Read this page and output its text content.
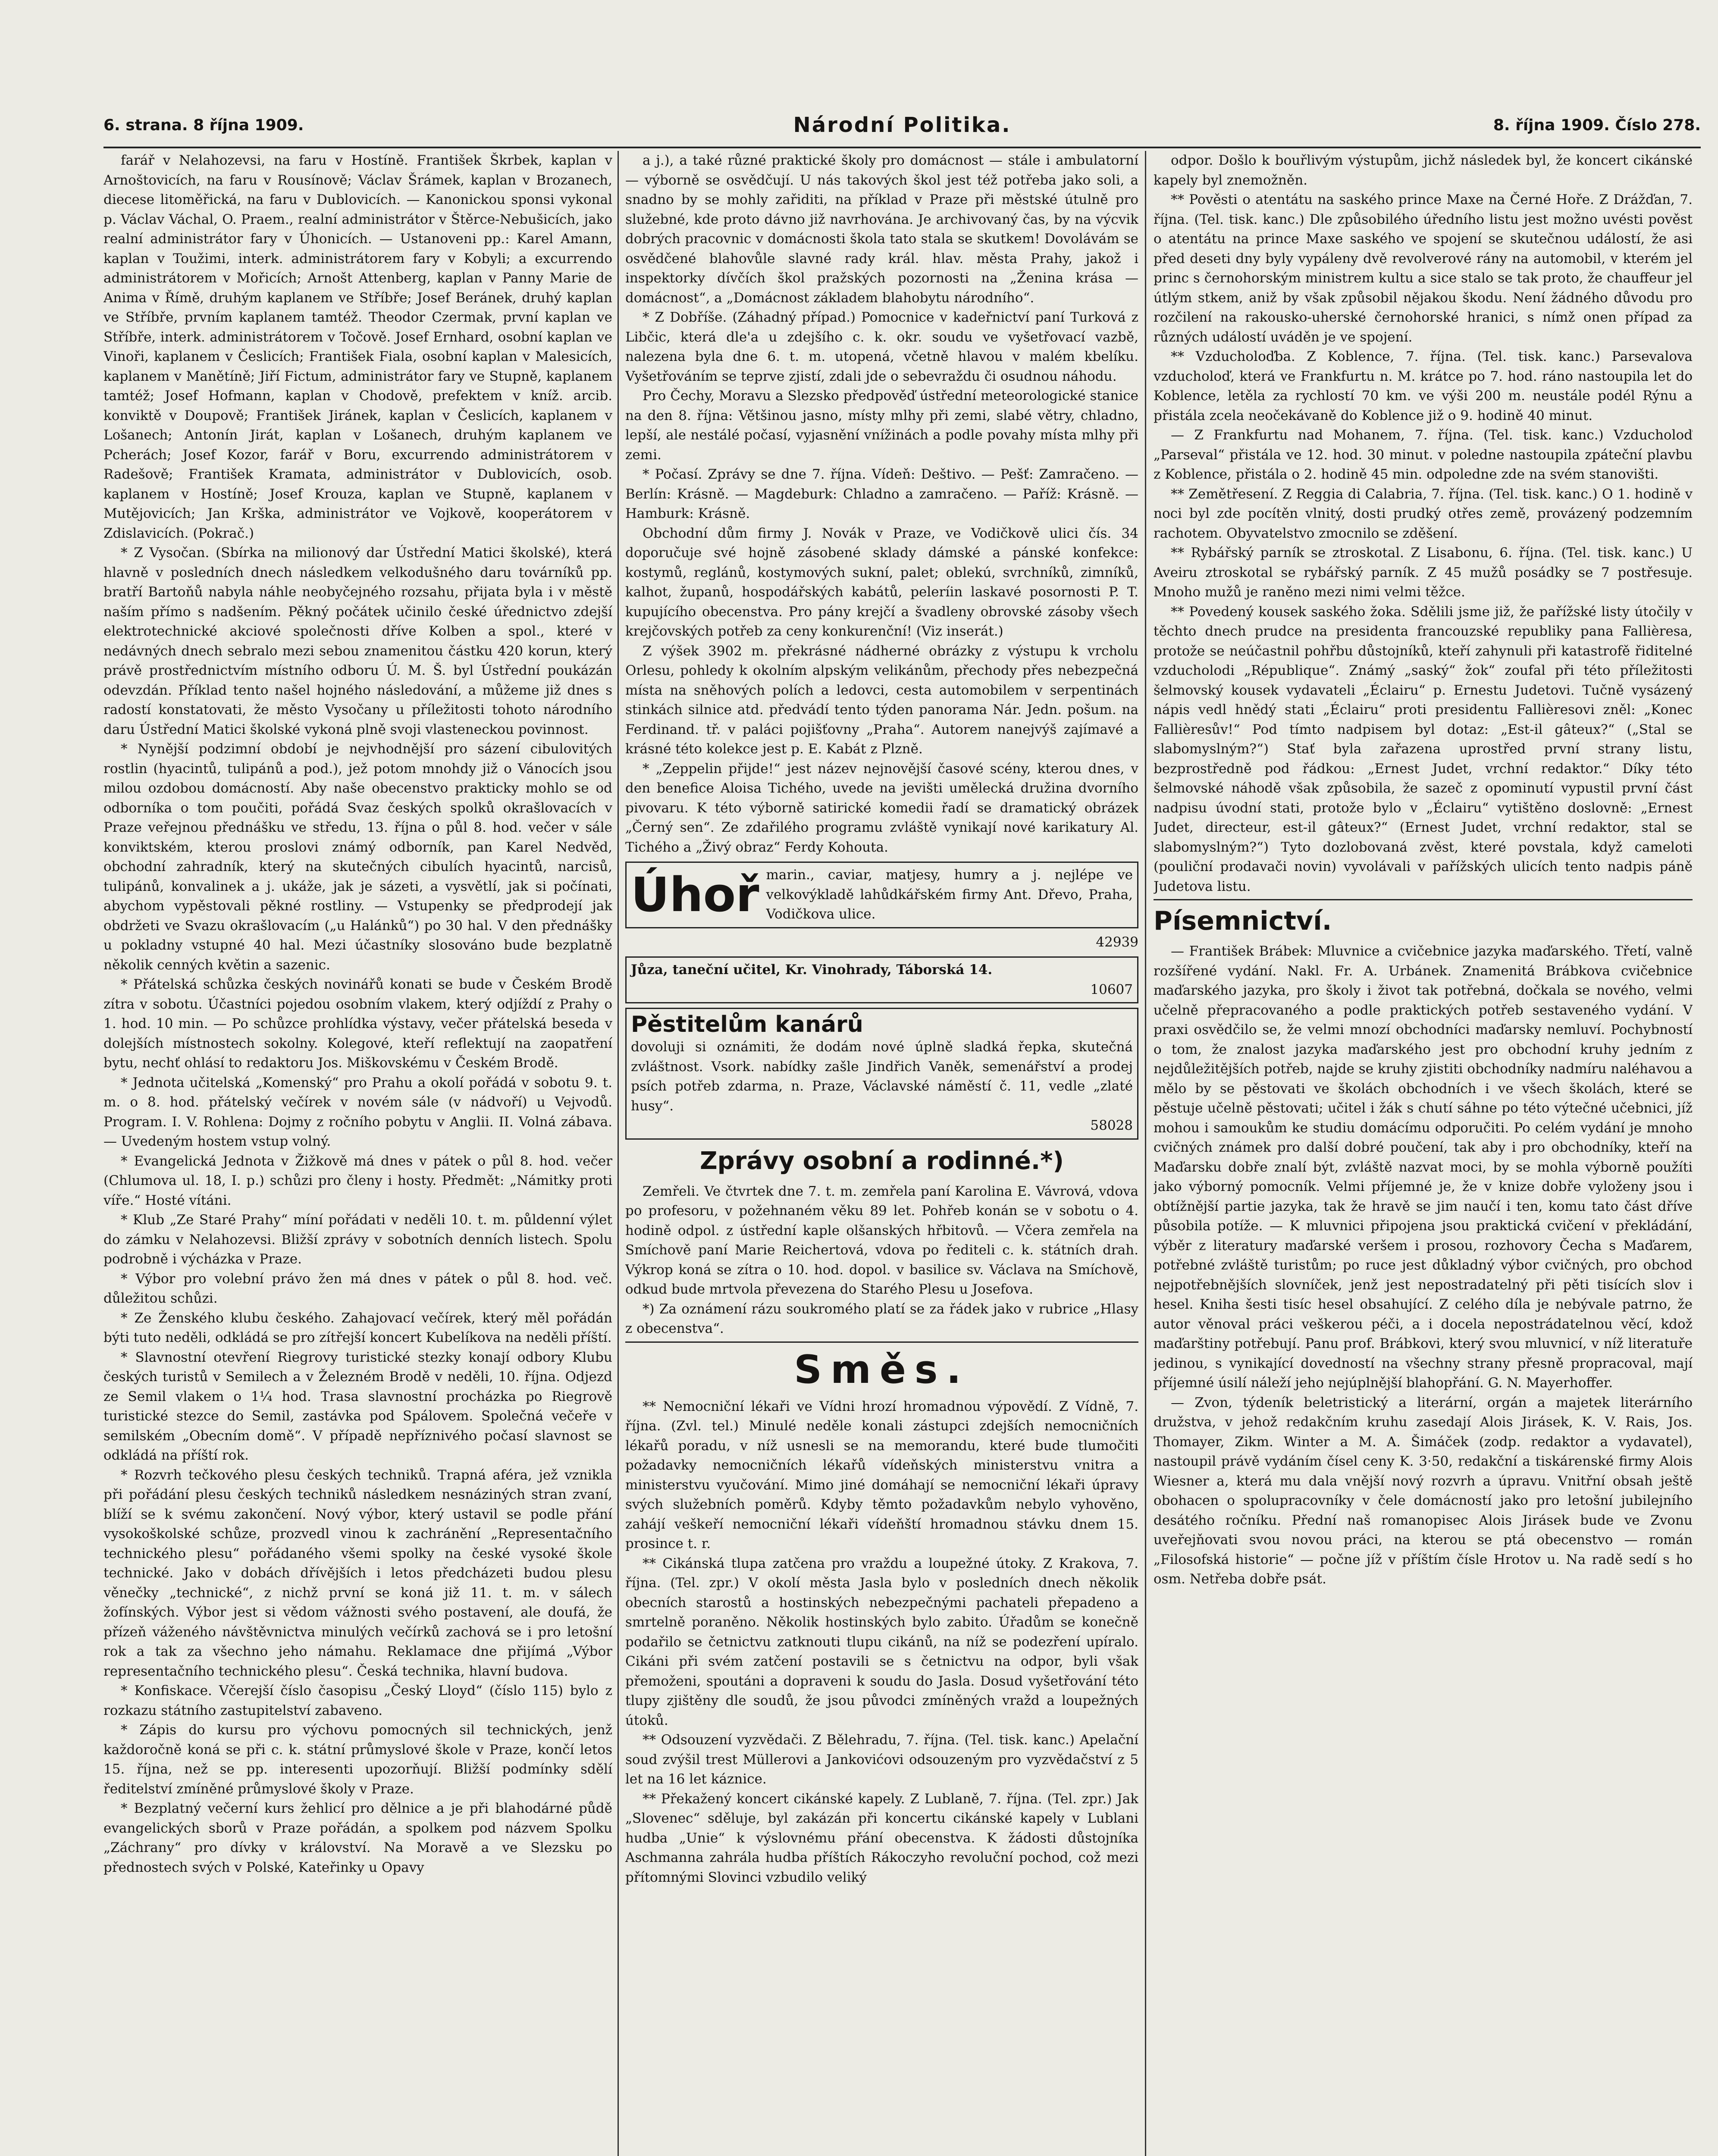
6. strana. 8 října 1909.	Národní Politika.	8. října 1909. Číslo 278.

farář v Nelahozevsi, na faru v Hostíně. František Škrbek, kaplan v Arnoštovicích, na faru v Rousínově; Václav Šrámek, kaplan v Brozanech, diecese litoměřická, na faru v Dublovicích. — Kanonickou sponsi vykonal p. Václav Váchal, O. Praem., realní administrátor v Štěrce-Nebušicích, jako realní administrátor fary v Úhonicích. — Ustanoveni pp.: Karel Amann, kaplan v Toužimi, interk. administrátorem fary v Kobyli; a excurrendo administrátorem v Mořicích; Arnošt Attenberg, kaplan v Panny Marie de Anima v Římě, druhým kaplanem ve Stříbře; Josef Beránek, druhý kaplan ve Stříbře, prvním kaplanem tamtéž. Theodor Czermak, první kaplan ve Stříbře, interk. administrátorem v Točově. Josef Ernhard, osobní kaplan ve Vinoři, kaplanem v Česlicích; František Fiala, osobní kaplan v Malesicích, kaplanem v Manětíně; Jiří Fictum, administrátor fary ve Stupně, kaplanem tamtéž; Josef Hofmann, kaplan v Chodově, prefektem v kníž. arcib. konviktě v Doupově; František Jiránek, kaplan v Česlicích, kaplanem v Lošanech; Antonín Jirát, kaplan v Lošanech, druhým kaplanem ve Pcherách; Josef Kozor, farář v Boru, excurrendo administrátorem v Radešově; František Kramata, administrátor v Dublovicích, osob. kaplanem v Hostíně; Josef Krouza, kaplan ve Stupně, kaplanem v Mutějovicích; Jan Krška, administrátor ve Vojkově, kooperátorem v Zdislavicích. (Pokrač.)

* Z Vysočan. (Sbírka na milionový dar Ústřední Matici školské), která hlavně v posledních dnech následkem velkodušného daru továrníků pp. bratří Bartoňů nabyla náhle neobyčejného rozsahu, přijata byla i v městě naším přímo s nadšením. Pěkný počátek učinilo české úřednictvo zdejší elektrotechnické akciové společnosti dříve Kolben a spol., které v nedávných dnech sebralo mezi sebou znamenitou částku 420 korun, který právě prostřednictvím místního odboru Ú. M. Š. byl Ústřední poukázán odevzdán. Příklad tento našel hojného následování, a můžeme již dnes s radostí konstatovati, že město Vysočany u příležitosti tohoto národního daru Ústřední Matici školské vykoná plně svoji vlasteneckou povinnost.

* Nynější podzimní období je nejvhodnější pro sázení cibulovitých rostlin (hyacintů, tulipánů a pod.), jež potom mnohdy již o Vánocích jsou milou ozdobou domácností. Aby naše obecenstvo prakticky mohlo se od odborníka o tom poučiti, pořádá Svaz českých spolků okrašlovacích v Praze veřejnou přednášku ve středu, 13. října o půl 8. hod. večer v sále konviktském, kterou proslovi známý odborník, pan Karel Nedvěd, obchodní zahradník, který na skutečných cibulích hyacintů, narcisů, tulipánů, konvalinek a j. ukáže, jak je sázeti, a vysvětlí, jak si počínati, abychom vypěstovali pěkné rostliny. — Vstupenky se předprodejí jak obdržeti ve Svazu okrašlovacím („u Halánků“) po 30 hal. V den přednášky u pokladny vstupné 40 hal. Mezi účastníky slosováno bude bezplatně několik cenných květin a sazenic.

* Přátelská schůzka českých novinářů konati se bude v Českém Brodě zítra v sobotu. Účastníci pojedou osobním vlakem, který odjíždí z Prahy o 1. hod. 10 min. — Po schůzce prohlídka výstavy, večer přátelská beseda v dolejších místnostech sokolny. Kolegové, kteří reflektují na zaopatření bytu, nechť ohlásí to redaktoru Jos. Miškovskému v Českém Brodě.

* Jednota učitelská „Komenský“ pro Prahu a okolí pořádá v sobotu 9. t. m. o 8. hod. přátelský večírek v novém sále (v nádvoří) u Vejvodů. Program. I. V. Rohlena: Dojmy z ročního pobytu v Anglii. II. Volná zábava. — Uvedeným hostem vstup volný.

* Evangelická Jednota v Žižkově má dnes v pátek o půl 8. hod. večer (Chlumova ul. 18, I. p.) schůzi pro členy i hosty. Předmět: „Námitky proti víře.“ Hosté vítáni.

* Klub „Ze Staré Prahy“ míní pořádati v neděli 10. t. m. půldenní výlet do zámku v Nelahozevsi. Bližší zprávy v sobotních denních listech. Spolu podrobně i výcházka v Praze.

* Výbor pro volební právo žen má dnes v pátek o půl 8. hod. več. důležitou schůzi.

* Ze Ženského klubu českého. Zahajovací večírek, který měl pořádán býti tuto neděli, odkládá se pro zítřejší koncert Kubelíkova na neděli příští.

* Slavnostní otevření Riegrovy turistické stezky konají odbory Klubu českých turistů v Semilech a v Železném Brodě v neděli, 10. října. Odjezd ze Semil vlakem o 1¼ hod. Trasa slavnostní procházka po Riegrově turistické stezce do Semil, zastávka pod Spálovem. Společná večeře v semilském „Obecním domě“. V případě nepříznivého počasí slavnost se odkládá na příští rok.

* Rozvrh tečkového plesu českých techniků. Trapná aféra, jež vznikla při pořádání plesu českých techniků následkem nesnáziných stran zvaní, blíží se k svému zakončení. Nový výbor, který ustavil se podle přání vysokoškolské schůze, prozvedl vinou k zachránění „Representačního technického plesu“ pořádaného všemi spolky na české vysoké škole technické. Jako v dobách dřívějších i letos předcházeti budou plesu věnečky „technické“, z nichž první se koná již 11. t. m. v sálech žofínských. Výbor jest si vědom vážnosti svého postavení, ale doufá, že přízeň váženého návštěvnictva minulých večírků zachová se i pro letošní rok a tak za všechno jeho námahu. Reklamace dne přijímá „Výbor representačního technického plesu“. Česká technika, hlavní budova.

* Konfiskace. Včerejší číslo časopisu „Český Lloyd“ (číslo 115) bylo z rozkazu státního zastupitelství zabaveno.

* Zápis do kursu pro výchovu pomocných sil technických, jenž každoročně koná se při c. k. státní průmyslové škole v Praze, končí letos 15. října, než se pp. interesenti upozorňují. Bližší podmínky sdělí ředitelství zmíněné průmyslové školy v Praze.

* Bezplatný večerní kurs žehlicí pro dělnice a je při blahodárné půdě evangelických sborů v Praze pořádán, a spolkem pod názvem Spolku „Záchrany“ pro dívky v království. Na Moravě a ve Slezsku po přednostech svých v Polské, Kateřinky u Opavy

a j.), a také různé praktické školy pro domácnost — stále i ambulatorní — výborně se osvědčují. U nás takových škol jest též potřeba jako soli, a snadno by se mohly zařiditi, na příklad v Praze při městské útulně pro služebné, kde proto dávno již navrhována. Je archivovaný čas, by na výcvik dobrých pracovnic v domácnosti škola tato stala se skutkem! Dovolávám se osvědčené blahovůle slavné rady král. hlav. města Prahy, jakož i inspektorky dívčích škol pražských pozornosti na „Ženina krása — domácnost“, a „Domácnost základem blahobytu národního“.

* Z Dobříše. (Záhadný případ.) Pomocnice v kadeřnictví paní Turková z Libčic, která dle'a u zdejšího c. k. okr. soudu ve vyšetřovací vazbě, nalezena byla dne 6. t. m. utopená, včetně hlavou v malém kbelíku. Vyšetřováním se teprve zjistí, zdali jde o sebevraždu či osudnou náhodu.

Pro Čechy, Moravu a Slezsko předpověď ústřední meteorologické stanice na den 8. října: Většinou jasno, místy mlhy při zemi, slabé větry, chladno, lepší, ale nestálé počasí, vyjasnění vnížinách a podle povahy místa mlhy při zemi.

* Počasí. Zprávy se dne 7. října. Vídeň: Deštivo. — Pešť: Zamračeno. — Berlín: Krásně. — Magdeburk: Chladno a zamračeno. — Paříž: Krásně. — Hamburk: Krásně.

Obchodní dům firmy J. Novák v Praze, ve Vodičkově ulici čís. 34 doporučuje své hojně zásobené sklady dámské a pánské konfekce: kostymů, reglánů, kostymových sukní, palet; oblekú, svrchníků, zimníků, kalhot, županů, hospodářských kabátů, peleríin laskavé posornosti P. T. kupujícího obecenstva. Pro pány krejčí a švadleny obrovské zásoby všech krejčovských potřeb za ceny konkurenční! (Viz inserát.)

Z výšek 3902 m. překrásné nádherné obrázky z výstupu k vrcholu Orlesu, pohledy k okolním alpským velikánům, přechody přes nebezpečná místa na sněhových polích a ledovci, cesta automobilem v serpentinách stinkách silnice atd. předvádí tento týden panorama Nár. Jedn. pošum. na Ferdinand. tř. v paláci pojišťovny „Praha“. Autorem nanejvýš zajímavé a krásné této kolekce jest p. E. Kabát z Plzně.

* „Zeppelin přijde!“ jest název nejnovější časové scény, kterou dnes, v den benefice Aloisa Tichého, uvede na jevišti umělecká družina dvorního pivovaru. K této výborně satirické komedii řadí se dramatický obrázek „Černý sen“. Ze zdařilého programu zvláště vynikají nové karikatury Al. Tichého a „Živý obraz“ Ferdy Kohouta.

Úhoř marin., caviar, matjesy, humry a j. nejlépe ve velkovýkladě lahůdkářském firmy Ant. Dřevo, Praha, Vodičkova ulice.
42939
Jůza, taneční učitel, Kr. Vinohrady, Táborská 14.
10607
Pěstitelům kanárů
dovoluji si oznámiti, že dodám nové úplně sladká řepka, skutečná zvláštnost. Vsork. nabídky zašle Jindřich Vaněk, semenářství a prodej psích potřeb zdarma, n. Praze, Václavské náměstí č. 11, vedle „zlaté husy“.
58028
Zprávy osobní a rodinné.*)

Zemřeli. Ve čtvrtek dne 7. t. m. zemřela paní Karolina E. Vávrová, vdova po profesoru, v požehnaném věku 89 let. Pohřeb konán se v sobotu o 4. hodině odpol. z ústřední kaple olšanských hřbitovů. — Včera zemřela na Smíchově paní Marie Reichertová, vdova po řediteli c. k. státních drah. Výkrop koná se zítra o 10. hod. dopol. v basilice sv. Václava na Smíchově, odkud bude mrtvola převezena do Starého Plesu u Josefova.

*) Za oznámení rázu soukromého platí se za řádek jako v rubrice „Hlasy z obecenstva“.

Směs.

** Nemocniční lékaři ve Vídni hrozí hromadnou výpovědí. Z Vídně, 7. října. (Zvl. tel.) Minulé neděle konali zástupci zdejších nemocničních lékařů poradu, v níž usnesli se na memorandu, které bude tlumočiti požadavky nemocničních lékařů vídeňských ministerstvu vnitra a ministerstvu vyučování. Mimo jiné domáhají se nemocniční lékaři úpravy svých služebních poměrů. Kdyby těmto požadavkům nebylo vyhověno, zahájí veškeří nemocniční lékaři vídeňští hromadnou stávku dnem 15. prosince t. r.

** Cikánská tlupa zatčena pro vraždu a loupežné útoky. Z Krakova, 7. října. (Tel. zpr.) V okolí města Jasla bylo v posledních dnech několik obecních starostů a hostinských nebezpečnými pachateli přepadeno a smrtelně poraněno. Několik hostinských bylo zabito. Úřadům se konečně podařilo se četnictvu zatknouti tlupu cikánů, na níž se podezření upíralo. Cikáni při svém zatčení postavili se s četnictvu na odpor, byli však přemoženi, spoutáni a dopraveni k soudu do Jasla. Dosud vyšetřování této tlupy zjištěny dle soudů, že jsou původci zmíněných vražd a loupežných útoků.

** Odsouzení vyzvědači. Z Bělehradu, 7. října. (Tel. tisk. kanc.) Apelační soud zvýšil trest Müllerovi a Jankovićovi odsouzeným pro vyzvědačství z 5 let na 16 let káznice.

** Překažený koncert cikánské kapely. Z Lublaně, 7. října. (Tel. zpr.) Jak „Slovenec“ sděluje, byl zakázán při koncertu cikánské kapely v Lublani hudba „Unie“ k výslovnému přání obecenstva. K žádosti důstojníka Aschmanna zahrála hudba příštích Rákoczyho revoluční pochod, což mezi přítomnými Slovinci vzbudilo veliký

odpor. Došlo k bouřlivým výstupům, jichž následek byl, že koncert cikánské kapely byl znemožněn.

** Pověsti o atentátu na saského prince Maxe na Černé Hoře. Z Drážďan, 7. října. (Tel. tisk. kanc.) Dle způsobilého úředního listu jest možno uvésti pověst o atentátu na prince Maxe saského ve spojení se skutečnou událostí, že asi před deseti dny byly vypáleny dvě revolverové rány na automobil, v kterém jel princ s černohorským ministrem kultu a sice stalo se tak proto, že chauffeur jel útlým stkem, aniž by však způsobil nějakou škodu. Není žádného důvodu pro rozčilení na rakousko-uherské černohorské hranici, s nímž onen případ za různých událostí uváděn je ve spojení.

** Vzducholoďba. Z Koblence, 7. října. (Tel. tisk. kanc.) Parsevalova vzducholoď, která ve Frankfurtu n. M. krátce po 7. hod. ráno nastoupila let do Koblence, letěla za rychlostí 70 km. ve výši 200 m. neustále podél Rýnu a přistála zcela neočekávaně do Koblence již o 9. hodině 40 minut.

— Z Frankfurtu nad Mohanem, 7. října. (Tel. tisk. kanc.) Vzducholoď „Parseval“ přistála ve 12. hod. 30 minut. v poledne nastoupila zpáteční plavbu z Koblence, přistála o 2. hodině 45 min. odpoledne zde na svém stanovišti.

** Zemětřesení. Z Reggia di Calabria, 7. října. (Tel. tisk. kanc.) O 1. hodině v noci byl zde pocítěn vlnitý, dosti prudký otřes země, provázený podzemním rachotem. Obyvatelstvo zmocnilo se zděšení.

** Rybářský parník se ztroskotal. Z Lisabonu, 6. října. (Tel. tisk. kanc.) U Aveiru ztroskotal se rybářský parník. Z 45 mužů posádky se 7 postřesuje. Mnoho mužů je raněno mezi nimi velmi těžce.

** Povedený kousek saského žoka. Sdělili jsme již, že pařížské listy útočily v těchto dnech prudce na presidenta francouzské republiky pana Fallièresa, protože se neúčastnil pohřbu důstojníků, kteří zahynuli při katastrofě řiditelné vzducholodi „République“. Známý „saský“ žok“ zoufal při této příležitosti šelmovský kousek vydavateli „Éclairu“ p. Ernestu Judetovi. Tučně vysázený nápis vedl hnědý stati „Éclairu“ proti presidentu Fallièresovi zněl: „Konec Fallièresův!“ Pod tímto nadpisem byl dotaz: „Est-il gâteux?“ („Stal se slabomyslným?“) Stať byla zařazena uprostřed první strany listu, bezprostředně pod řádkou: „Ernest Judet, vrchní redaktor.“ Díky této šelmovské náhodě však způsobila, že sazeč z opominutí vypustil první část nadpisu úvodní stati, protože bylo v „Éclairu“ vytištěno doslovně: „Ernest Judet, directeur, est-il gâteux?“ (Ernest Judet, vrchní redaktor, stal se slabomyslným?“) Tyto dozlobovaná zvěst, které povstala, když cameloti (pouliční prodavači novin) vyvolávali v pařížských ulicích tento nadpis páně Judetova listu.

Písemnictví.

— František Brábek: Mluvnice a cvičebnice jazyka maďarského. Třetí, valně rozšířené vydání. Nakl. Fr. A. Urbánek. Znamenitá Brábkova cvičebnice maďarského jazyka, pro školy i život tak potřebná, dočkala se nového, velmi učelně přepracovaného a podle praktických potřeb sestaveného vydání. V praxi osvědčilo se, že velmi mnozí obchodníci maďarsky nemluví. Pochybností o tom, že znalost jazyka maďarského jest pro obchodní kruhy jedním z nejdůležitějších potřeb, najde se kruhy zjistiti obchodníky nadmíru naléhavou a mělo by se pěstovati ve školách obchodních i ve všech školách, které se pěstuje učelně pěstovati; učitel i žák s chutí sáhne po této výtečné učebnici, jíž mohou i samoukům ke studiu domácímu odporučiti. Po celém vydání je mnoho cvičných známek pro další dobré poučení, tak aby i pro obchodníky, kteří na Maďarsku dobře znalí být, zvláště nazvat moci, by se mohla výborně použíti jako výborný pomocník. Velmi příjemné je, že v knize dobře vyloženy jsou i obtížnější partie jazyka, tak že hravě se jim naučí i ten, komu tato část dříve působila potíže. — K mluvnici připojena jsou praktická cvičení v překládání, výběr z literatury maďarské veršem i prosou, rozhovory Čecha s Maďarem, potřebné zvláště turistům; po ruce jest důkladný výbor cvičných, pro obchod nejpotřebnějších slovníček, jenž jest nepostradatelný při pěti tisících slov i hesel. Kniha šesti tisíc hesel obsahující. Z celého díla je nebývale patrno, že autor věnoval práci veškerou péči, a i docela nepostrádatelnou věcí, kdož maďarštiny potřebují. Panu prof. Brábkovi, který svou mluvnicí, v níž literatuře jedinou, s vynikající dovedností na všechny strany přesně propracoval, mají příjemné úsilí náleží jeho nejúplnější blahopřání. G. N. Mayerhoffer.

— Zvon, týdeník beletristický a literární, orgán a majetek literárního družstva, v jehož redakčním kruhu zasedají Alois Jirásek, K. V. Rais, Jos. Thomayer, Zikm. Winter a M. A. Šimáček (zodp. redaktor a vydavatel), nastoupil právě vydáním čísel ceny K. 3·50, redakční a tiskárenské firmy Alois Wiesner a, která mu dala vnější nový rozvrh a úpravu. Vnitřní obsah ještě obohacen o spolupracovníky v čele domácností jako pro letošní jubilejního desátého ročníku. Přední naš romanopisec Alois Jirásek bude ve Zvonu uveřejňovati svou novou práci, na kterou se ptá obecenstvo — román „Filosofská historie“ — počne jíž v příštím čísle Hrotov u. Na radě sedí s ho osm. Netřeba dobře psát.
